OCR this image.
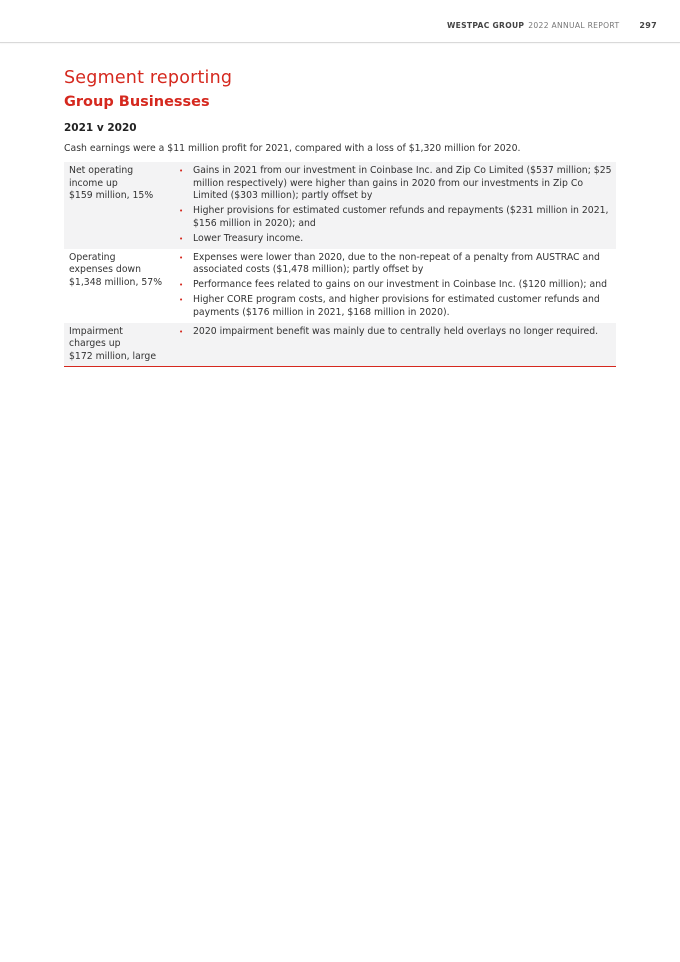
WESTPAC GROUP 2022 ANNUAL REPORT	297
Segment reporting
Group Businesses
2021 v 2020

Cash earnings were a $11 million profit for 2021, compared with a loss of $1,320 million for 2020.

Net operating
income up
$159 million, 15%
•	Gains in 2021 from our investment in Coinbase Inc. and Zip Co Limited ($537 million; $25 million respectively) were higher than gains in 2020 from our investments in Zip Co Limited ($303 million); partly offset by
•	Higher provisions for estimated customer refunds and repayments ($231 million in 2021, $156 million in 2020); and
•	Lower Treasury income.
Operating
expenses down
$1,348 million, 57%
•	Expenses were lower than 2020, due to the non-repeat of a penalty from AUSTRAC and associated costs ($1,478 million); partly offset by
•	Performance fees related to gains on our investment in Coinbase Inc. ($120 million); and
•	Higher CORE program costs, and higher provisions for estimated customer refunds and payments ($176 million in 2021, $168 million in 2020).
Impairment
charges up
$172 million, large
•	2020 impairment benefit was mainly due to centrally held overlays no longer required.
